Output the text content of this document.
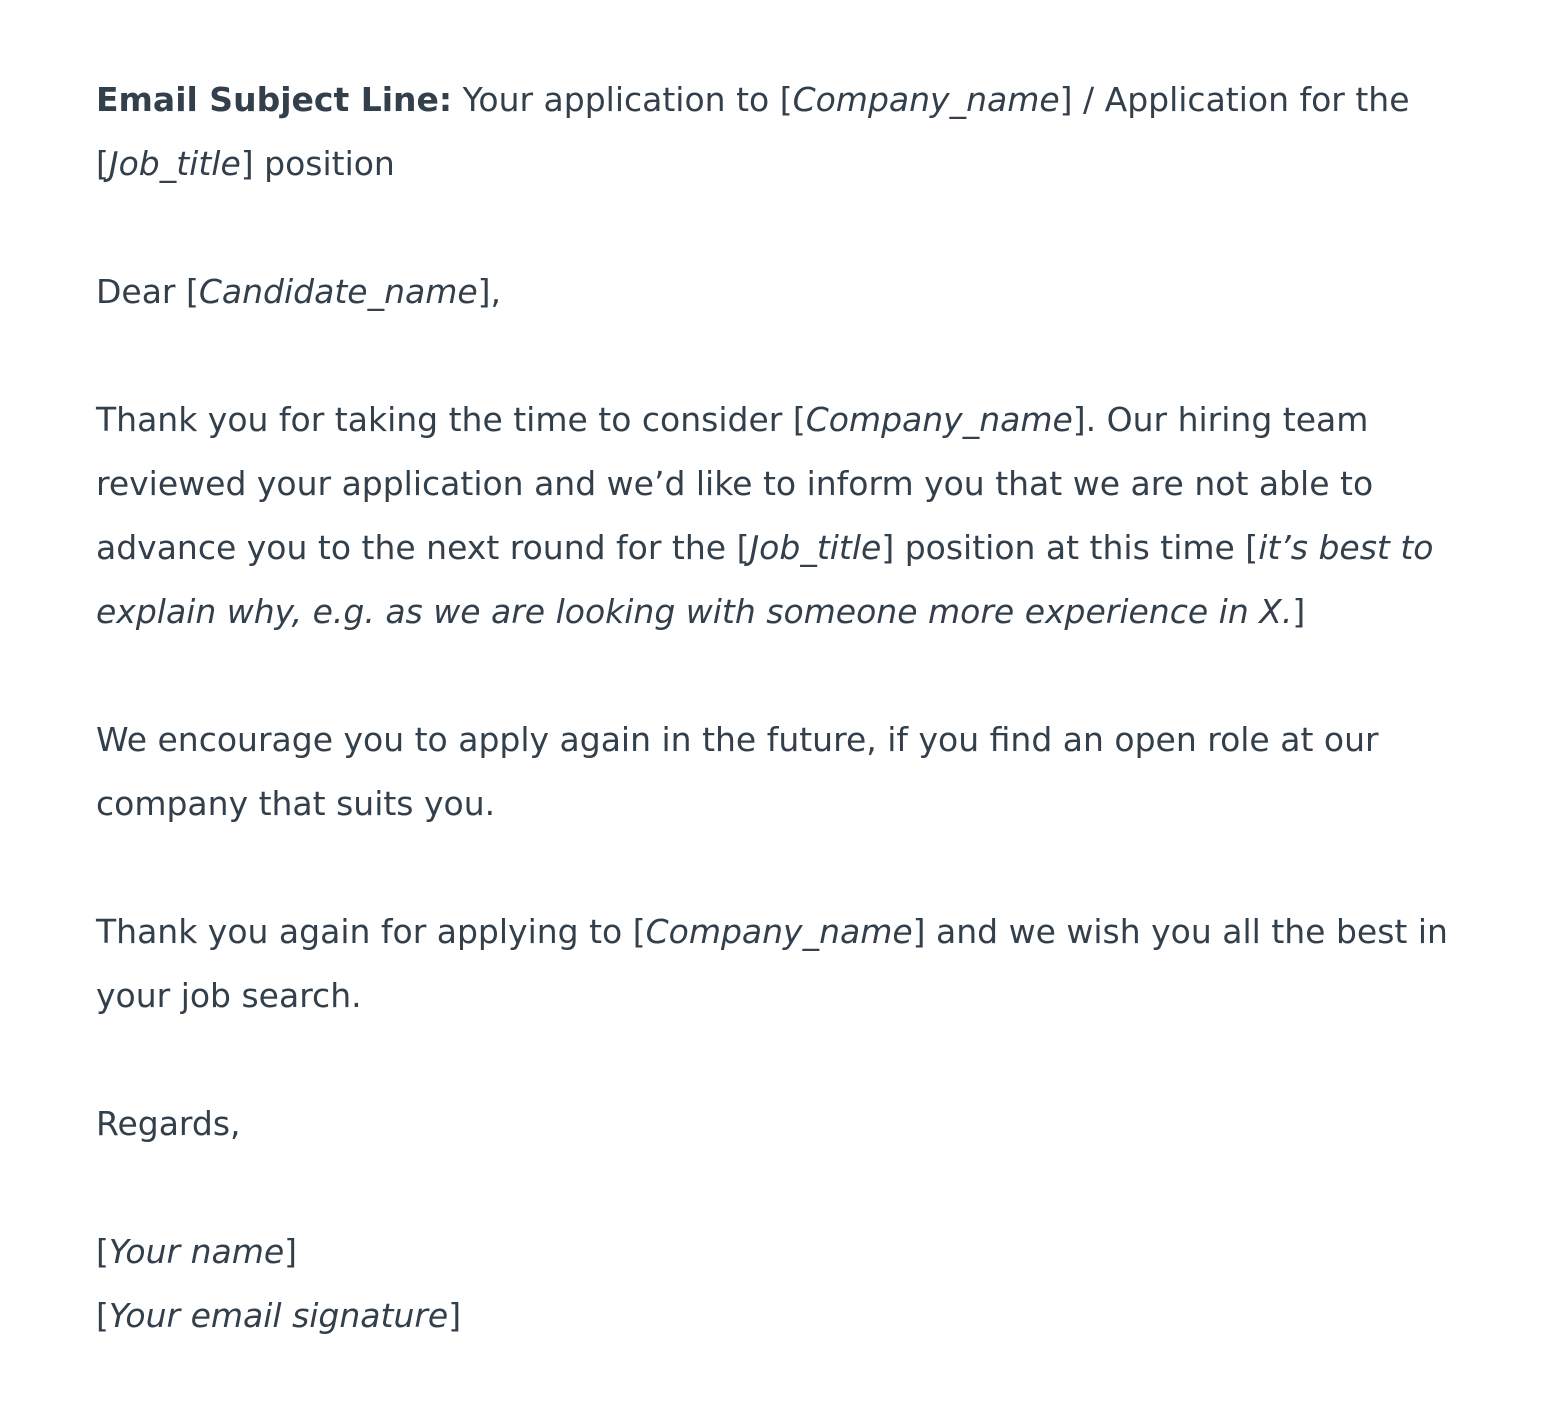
Email Subject Line: Your application to [Company_name] / Application for the [Job_title] position

Dear [Candidate_name],

Thank you for taking the time to consider [Company_name]. Our hiring team reviewed your application and we’d like to inform you that we are not able to advance you to the next round for the [Job_title] position at this time [it’s best to explain why, e.g. as we are looking with someone more experience in X.]

We encourage you to apply again in the future, if you find an open role at our company that suits you.

Thank you again for applying to [Company_name] and we wish you all the best in your job search.

Regards,

[Your name]
[Your email signature]
